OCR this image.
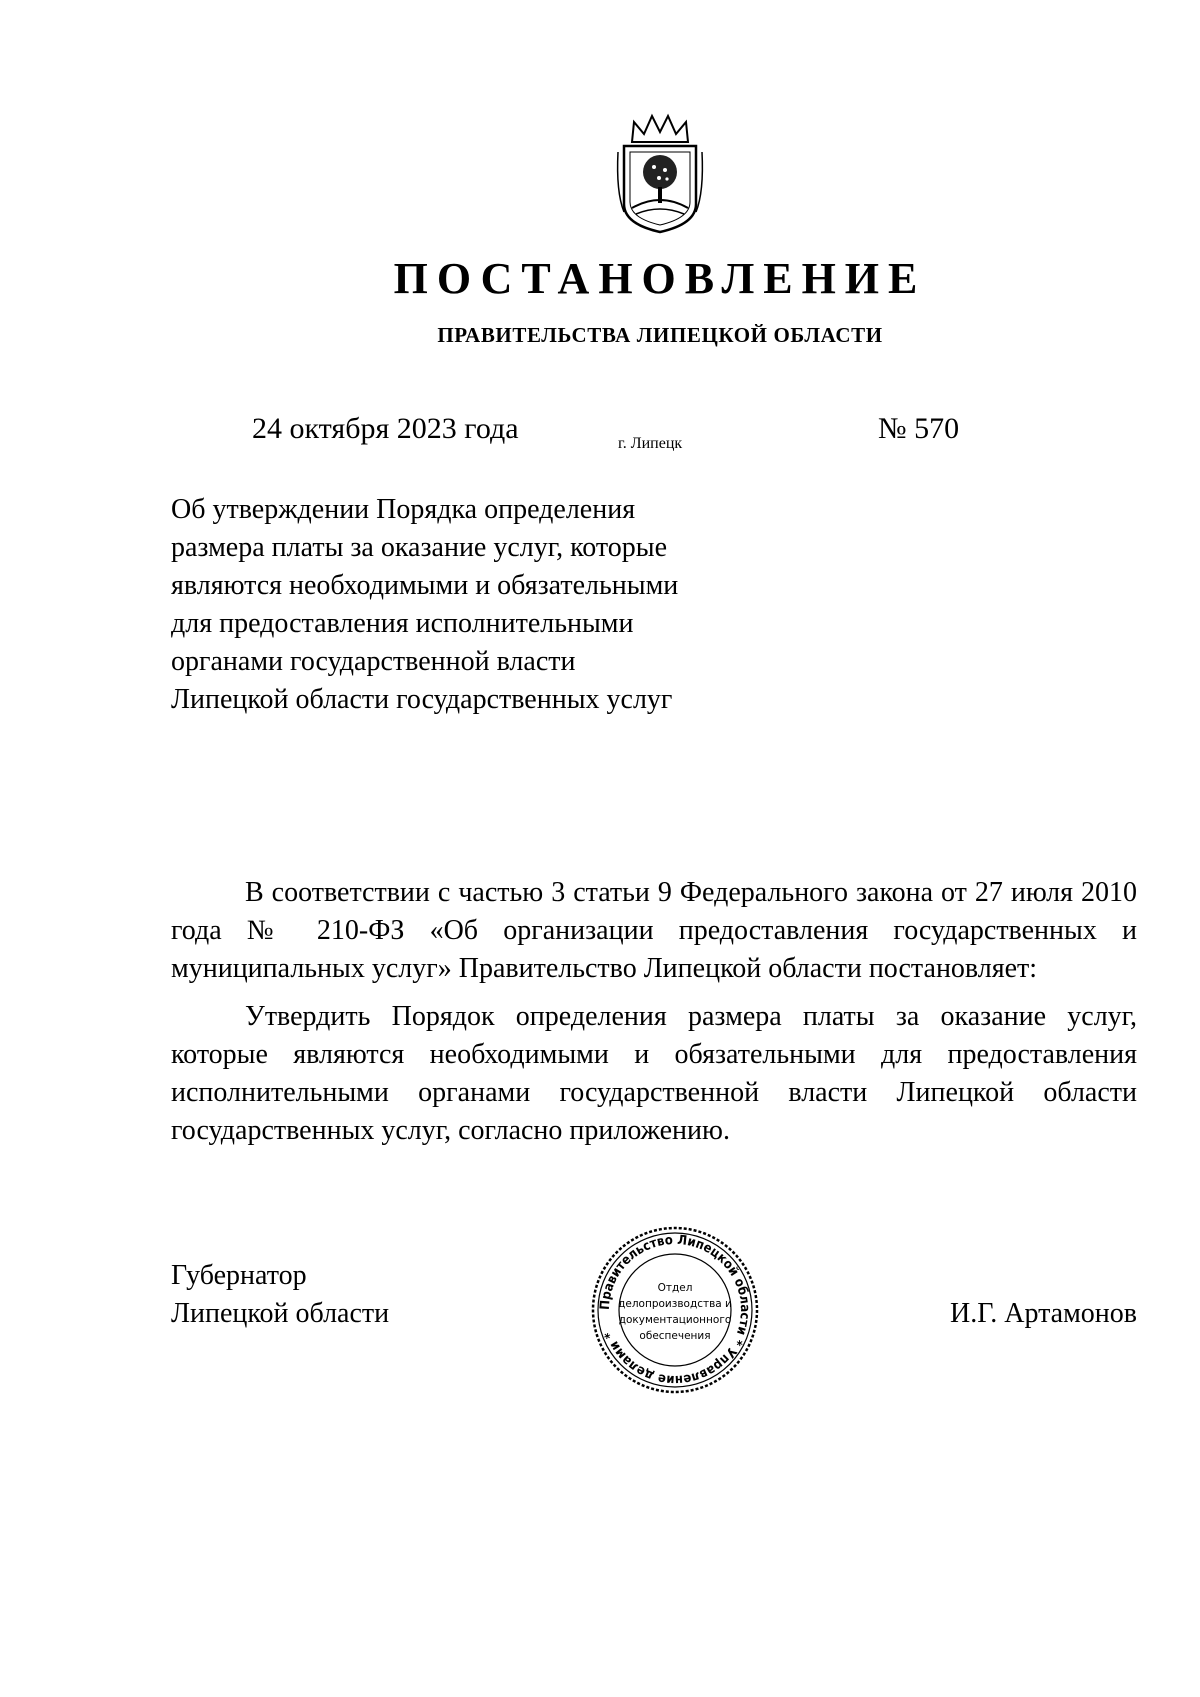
ПОСТАНОВЛЕНИЕ
ПРАВИТЕЛЬСТВА ЛИПЕЦКОЙ ОБЛАСТИ
24 октября 2023 года	г. Липецк	№ 570
Об утверждении Порядка определения
размера платы за оказание услуг, которые
являются необходимыми и обязательными
для предоставления исполнительными
органами государственной власти
Липецкой области государственных услуг

В соответствии с частью 3 статьи 9 Федерального закона от 27 июля 2010 года № 210-ФЗ «Об организации предоставления государственных и муниципальных услуг» Правительство Липецкой области постановляет:

Утвердить Порядок определения размера платы за оказание услуг, которые являются необходимыми и обязательными для предоставления исполнительными органами государственной власти Липецкой области государственных услуг, согласно приложению.

Губернатор
Липецкой области	Правительство Липецкой области * Управление делами *
Отдел
делопроизводства и
документационного
обеспечения
И.Г. Артамонов
